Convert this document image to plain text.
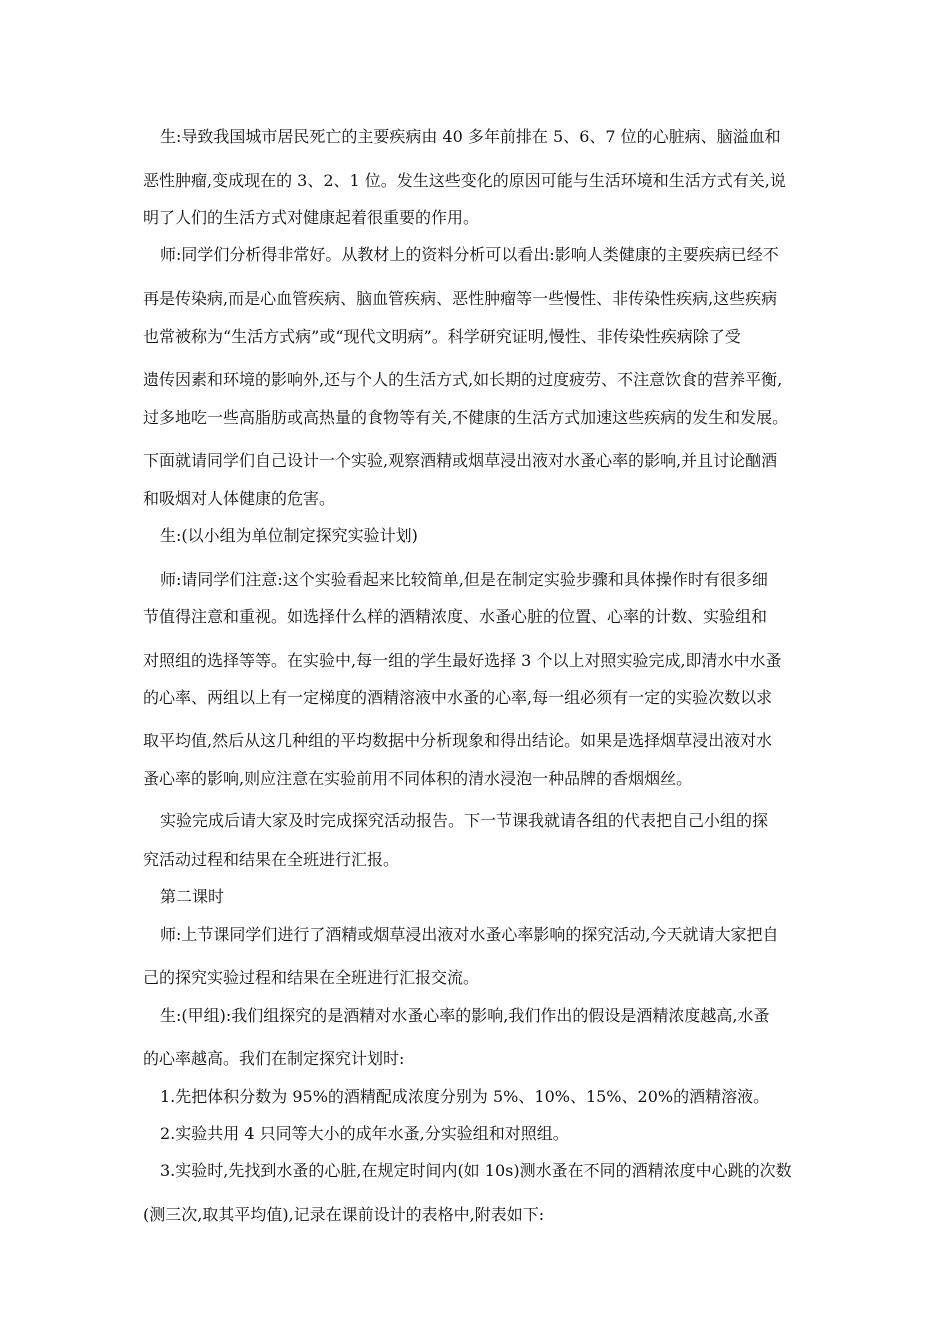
生:导致我国城市居民死亡的主要疾病由 40 多年前排在 5、6、7 位的心脏病、脑溢血和
恶性肿瘤,变成现在的 3、2、1 位。发生这些变化的原因可能与生活环境和生活方式有关,说
明了人们的生活方式对健康起着很重要的作用。
师:同学们分析得非常好。从教材上的资料分析可以看出:影响人类健康的主要疾病已经不
再是传染病,而是心血管疾病、脑血管疾病、恶性肿瘤等一些慢性、非传染性疾病,这些疾病
也常被称为“生活方式病”或“现代文明病”。科学研究证明,慢性、非传染性疾病除了受
遗传因素和环境的影响外,还与个人的生活方式,如长期的过度疲劳、不注意饮食的营养平衡,
过多地吃一些高脂肪或高热量的食物等有关,不健康的生活方式加速这些疾病的发生和发展。
下面就请同学们自己设计一个实验,观察酒精或烟草浸出液对水蚤心率的影响,并且讨论酗酒
和吸烟对人体健康的危害。
生:(以小组为单位制定探究实验计划)
师:请同学们注意:这个实验看起来比较简单,但是在制定实验步骤和具体操作时有很多细
节值得注意和重视。如选择什么样的酒精浓度、水蚤心脏的位置、心率的计数、实验组和
对照组的选择等等。在实验中,每一组的学生最好选择 3 个以上对照实验完成,即清水中水蚤
的心率、两组以上有一定梯度的酒精溶液中水蚤的心率,每一组必须有一定的实验次数以求
取平均值,然后从这几种组的平均数据中分析现象和得出结论。如果是选择烟草浸出液对水
蚤心率的影响,则应注意在实验前用不同体积的清水浸泡一种品牌的香烟烟丝。
实验完成后请大家及时完成探究活动报告。下一节课我就请各组的代表把自己小组的探
究活动过程和结果在全班进行汇报。
第二课时
师:上节课同学们进行了酒精或烟草浸出液对水蚤心率影响的探究活动,今天就请大家把自
己的探究实验过程和结果在全班进行汇报交流。
生:(甲组):我们组探究的是酒精对水蚤心率的影响,我们作出的假设是酒精浓度越高,水蚤
的心率越高。我们在制定探究计划时:
1.先把体积分数为 95%的酒精配成浓度分别为 5%、10%、15%、20%的酒精溶液。
2.实验共用 4 只同等大小的成年水蚤,分实验组和对照组。
3.实验时,先找到水蚤的心脏,在规定时间内(如 10s)测水蚤在不同的酒精浓度中心跳的次数
(测三次,取其平均值),记录在课前设计的表格中,附表如下:
